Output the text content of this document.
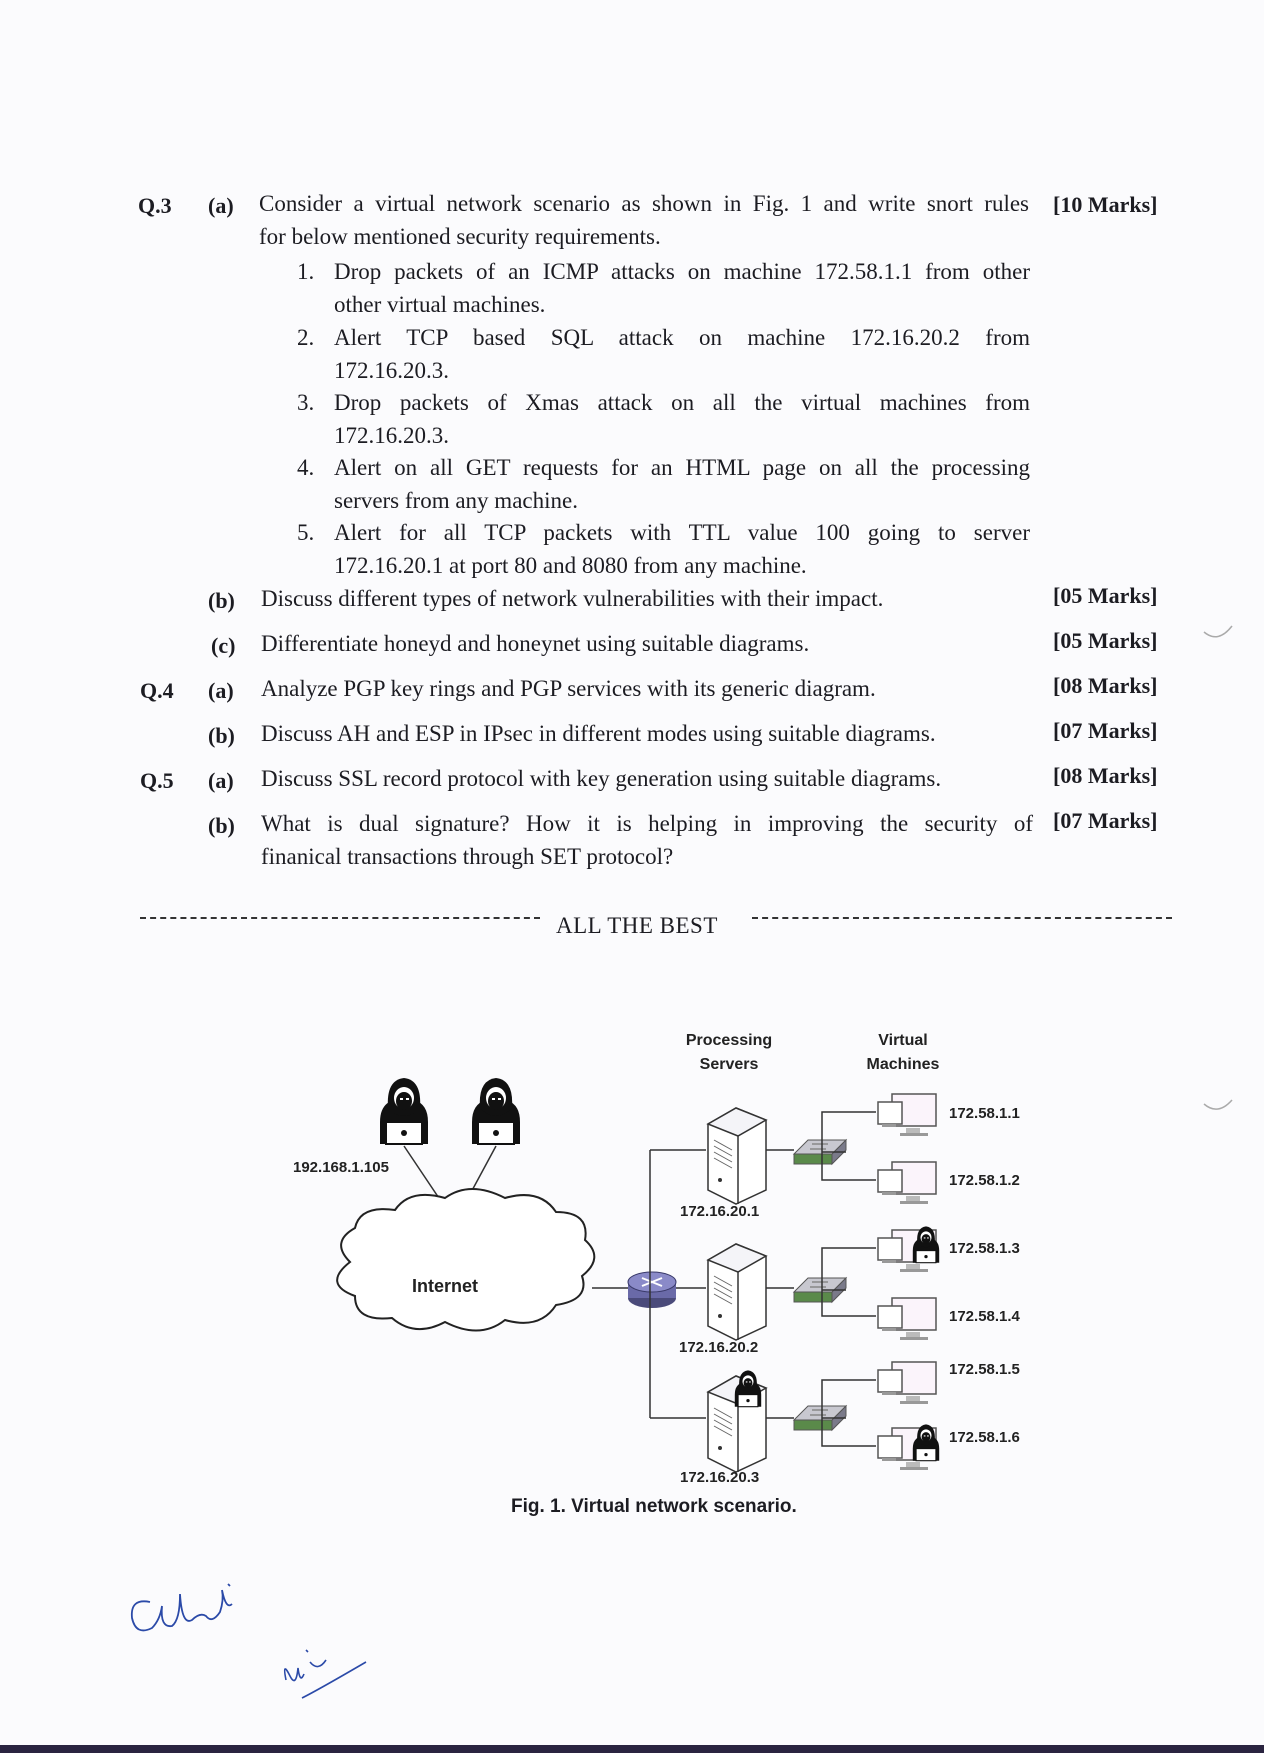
Q.3 (a) Consider a virtual network scenario as shown in Fig. 1 and write snort rules
for below mentioned security requirements.
[10 Marks]
1. Drop packets of an ICMP attacks on machine 172.58.1.1 from other
other virtual machines.
2. Alert TCP based SQL attack on machine 172.16.20.2 from
172.16.20.3.
3. Drop packets of Xmas attack on all the virtual machines from
172.16.20.3.
4. Alert on all GET requests for an HTML page on all the processing
servers from any machine.
5. Alert for all TCP packets with TTL value 100 going to server
172.16.20.1 at port 80 and 8080 from any machine.
(b) Discuss different types of network vulnerabilities with their impact.	[05 Marks]
(c) Differentiate honeyd and honeynet using suitable diagrams.	[05 Marks]
Q.4 (a) Analyze PGP key rings and PGP services with its generic diagram.	[08 Marks]
(b) Discuss AH and ESP in IPsec in different modes using suitable diagrams.	[07 Marks]
Q.5 (a) Discuss SSL record protocol with key generation using suitable diagrams.	[08 Marks]
(b) What is dual signature? How it is helping in improving the security of
finanical transactions through SET protocol?
[07 Marks]
ALL THE BEST
Processing
Servers
Virtual
Machines
192.168.1.105
Internet
172.16.20.1
172.16.20.2
172.16.20.3
172.58.1.1
172.58.1.2
172.58.1.3
172.58.1.4
172.58.1.5
172.58.1.6
Fig. 1. Virtual network scenario.
